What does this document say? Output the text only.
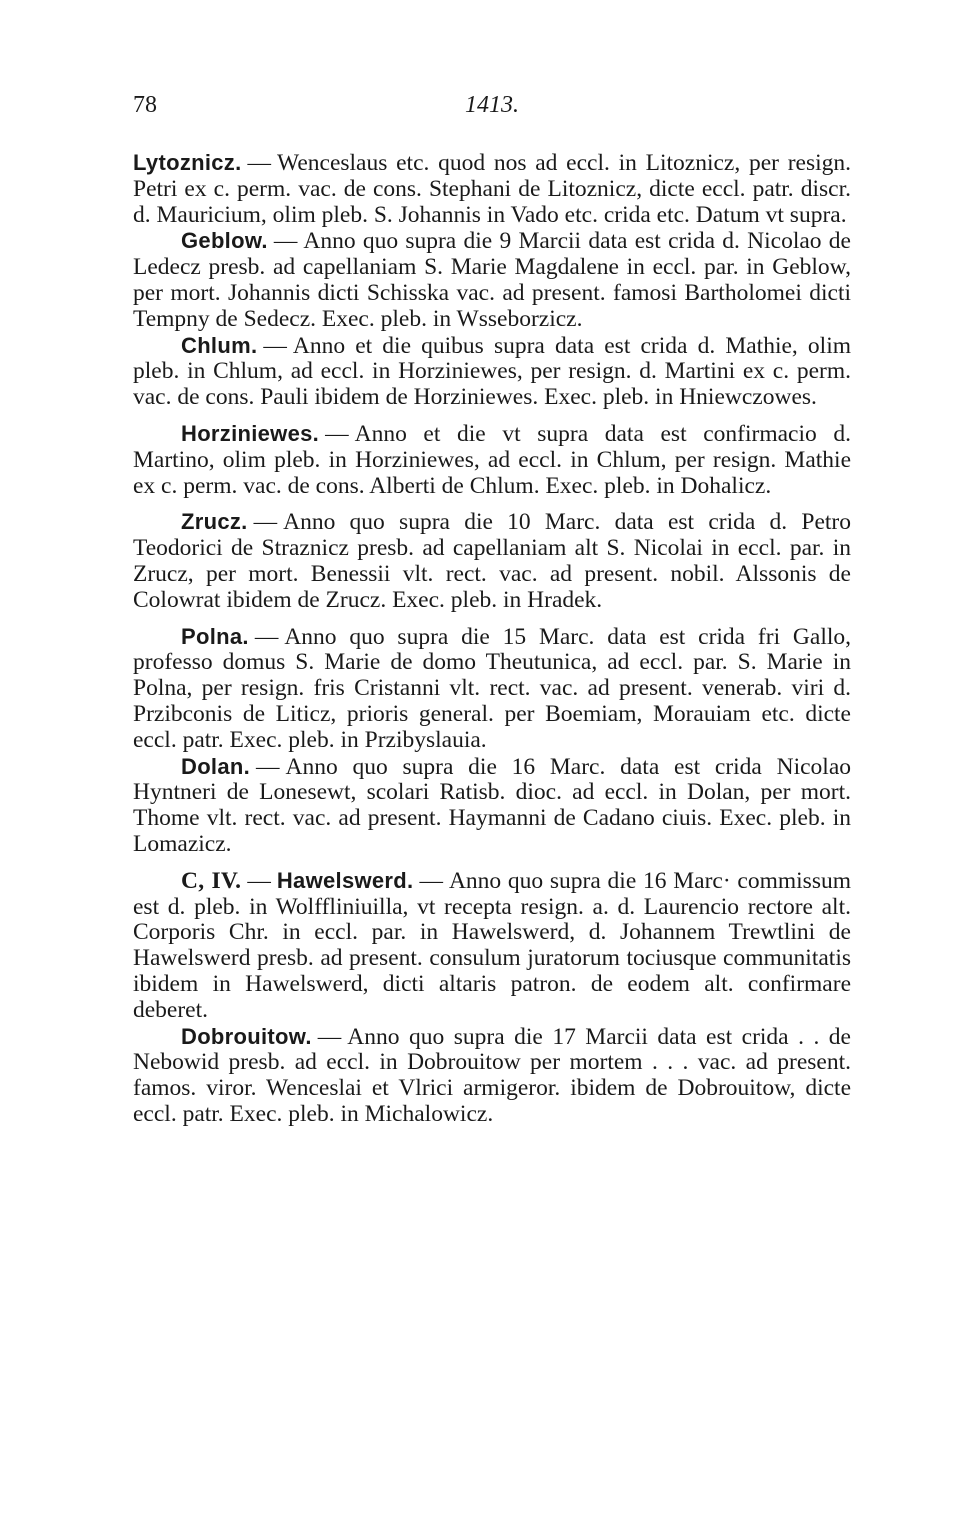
78	1413.

Lytoznicz. — Wenceslaus etc. quod nos ad eccl. in Litoznicz, per resign. Petri ex c. perm. vac. de cons. Stephani de Litoznicz, dicte eccl. patr. discr. d. Mauricium, olim pleb. S. Johannis in Vado etc. crida etc. Datum vt supra.

Geblow. — Anno quo supra die 9 Marcii data est crida d. Nicolao de Ledecz presb. ad capellaniam S. Marie Magdalene in eccl. par. in Geblow, per mort. Johannis dicti Schisska vac. ad present. famosi Bartholomei dicti Tempny de Sedecz. Exec. pleb. in Wsseborzicz.

Chlum. — Anno et die quibus supra data est crida d. Mathie, olim pleb. in Chlum, ad eccl. in Horziniewes, per resign. d. Martini ex c. perm. vac. de cons. Pauli ibidem de Horziniewes. Exec. pleb. in Hniewczowes.

Horziniewes. — Anno et die vt supra data est confirmacio d. Martino, olim pleb. in Horziniewes, ad eccl. in Chlum, per resign. Mathie ex c. perm. vac. de cons. Alberti de Chlum. Exec. pleb. in Dohalicz.

Zrucz. — Anno quo supra die 10 Marc. data est crida d. Petro Teodorici de Straznicz presb. ad capellaniam alt S. Nicolai in eccl. par. in Zrucz, per mort. Benessii vlt. rect. vac. ad present. nobil. Alssonis de Colowrat ibidem de Zrucz. Exec. pleb. in Hradek.

Polna. — Anno quo supra die 15 Marc. data est crida fri Gallo, professo domus S. Marie de domo Theutunica, ad eccl. par. S. Marie in Polna, per resign. fris Cristanni vlt. rect. vac. ad present. venerab. viri d. Przibconis de Liticz, prioris general. per Boemiam, Morauiam etc. dicte eccl. patr. Exec. pleb. in Przibyslauia.

Dolan. — Anno quo supra die 16 Marc. data est crida Nicolao Hyntneri de Lonesewt, scolari Ratisb. dioc. ad eccl. in Dolan, per mort. Thome vlt. rect. vac. ad present. Haymanni de Cadano ciuis. Exec. pleb. in Lomazicz.

C, IV. — Hawelswerd. — Anno quo supra die 16 Marc· commissum est d. pleb. in Wolffliniuilla, vt recepta resign. a. d. Laurencio rectore alt. Corporis Chr. in eccl. par. in Hawelswerd, d. Johannem Trewtlini de Hawelswerd presb. ad present. consulum juratorum tociusque communitatis ibidem in Hawelswerd, dicti altaris patron. de eodem alt. confirmare deberet.

Dobrouitow. — Anno quo supra die 17 Marcii data est crida . . de Nebowid presb. ad eccl. in Dobrouitow per mortem . . . vac. ad present. famos. viror. Wenceslai et Vlrici armigeror. ibidem de Dobrouitow, dicte eccl. patr. Exec. pleb. in Michalowicz.
